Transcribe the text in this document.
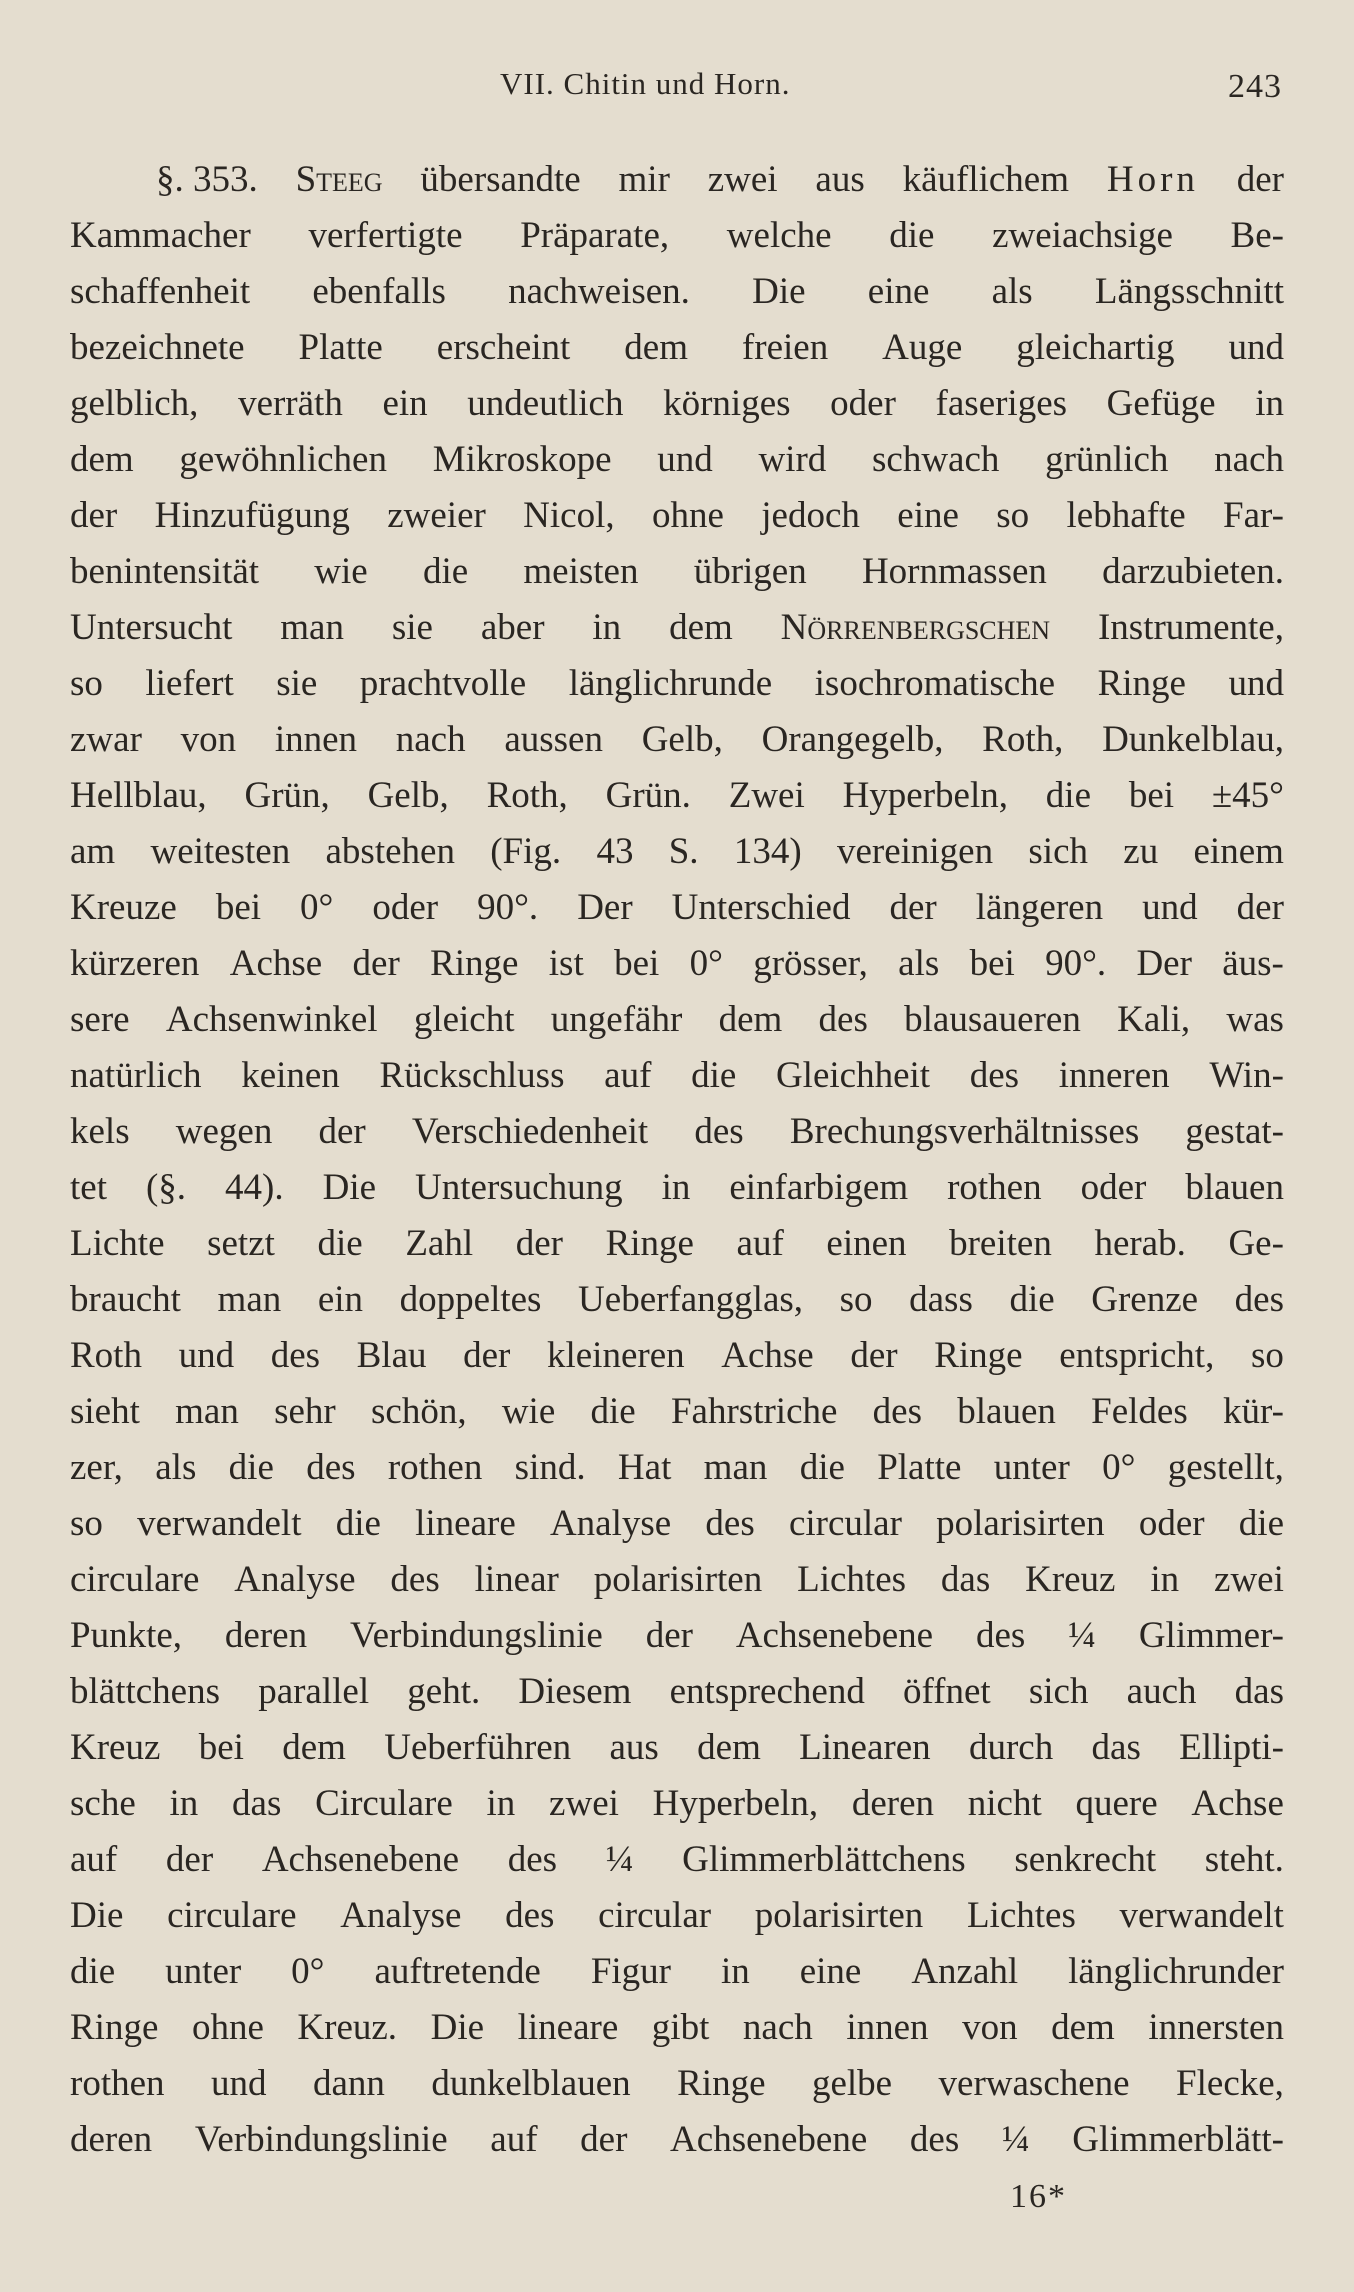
VII. Chitin und Horn.	243
§. 353. Steeg übersandte mir zwei aus käuflichem Horn der
Kammacher verfertigte Präparate, welche die zweiachsige Be-
schaffenheit ebenfalls nachweisen. Die eine als Längsschnitt
bezeichnete Platte erscheint dem freien Auge gleichartig und
gelblich, verräth ein undeutlich körniges oder faseriges Gefüge in
dem gewöhnlichen Mikroskope und wird schwach grünlich nach
der Hinzufügung zweier Nicol, ohne jedoch eine so lebhafte Far-
benintensität wie die meisten übrigen Hornmassen darzubieten.
Untersucht man sie aber in dem Nörrenbergschen Instrumente,
so liefert sie prachtvolle länglichrunde isochromatische Ringe und
zwar von innen nach aussen Gelb, Orangegelb, Roth, Dunkelblau,
Hellblau, Grün, Gelb, Roth, Grün. Zwei Hyperbeln, die bei ±45°
am weitesten abstehen (Fig. 43 S. 134) vereinigen sich zu einem
Kreuze bei 0° oder 90°. Der Unterschied der längeren und der
kürzeren Achse der Ringe ist bei 0° grösser, als bei 90°. Der äus-
sere Achsenwinkel gleicht ungefähr dem des blausaueren Kali, was
natürlich keinen Rückschluss auf die Gleichheit des inneren Win-
kels wegen der Verschiedenheit des Brechungsverhältnisses gestat-
tet (§. 44). Die Untersuchung in einfarbigem rothen oder blauen
Lichte setzt die Zahl der Ringe auf einen breiten herab. Ge-
braucht man ein doppeltes Ueberfangglas, so dass die Grenze des
Roth und des Blau der kleineren Achse der Ringe entspricht, so
sieht man sehr schön, wie die Fahrstriche des blauen Feldes kür-
zer, als die des rothen sind. Hat man die Platte unter 0° gestellt,
so verwandelt die lineare Analyse des circular polarisirten oder die
circulare Analyse des linear polarisirten Lichtes das Kreuz in zwei
Punkte, deren Verbindungslinie der Achsenebene des ¼ Glimmer-
blättchens parallel geht. Diesem entsprechend öffnet sich auch das
Kreuz bei dem Ueberführen aus dem Linearen durch das Ellipti-
sche in das Circulare in zwei Hyperbeln, deren nicht quere Achse
auf der Achsenebene des ¼ Glimmerblättchens senkrecht steht.
Die circulare Analyse des circular polarisirten Lichtes verwandelt
die unter 0° auftretende Figur in eine Anzahl länglichrunder
Ringe ohne Kreuz. Die lineare gibt nach innen von dem innersten
rothen und dann dunkelblauen Ringe gelbe verwaschene Flecke,
deren Verbindungslinie auf der Achsenebene des ¼ Glimmerblätt-
16*
